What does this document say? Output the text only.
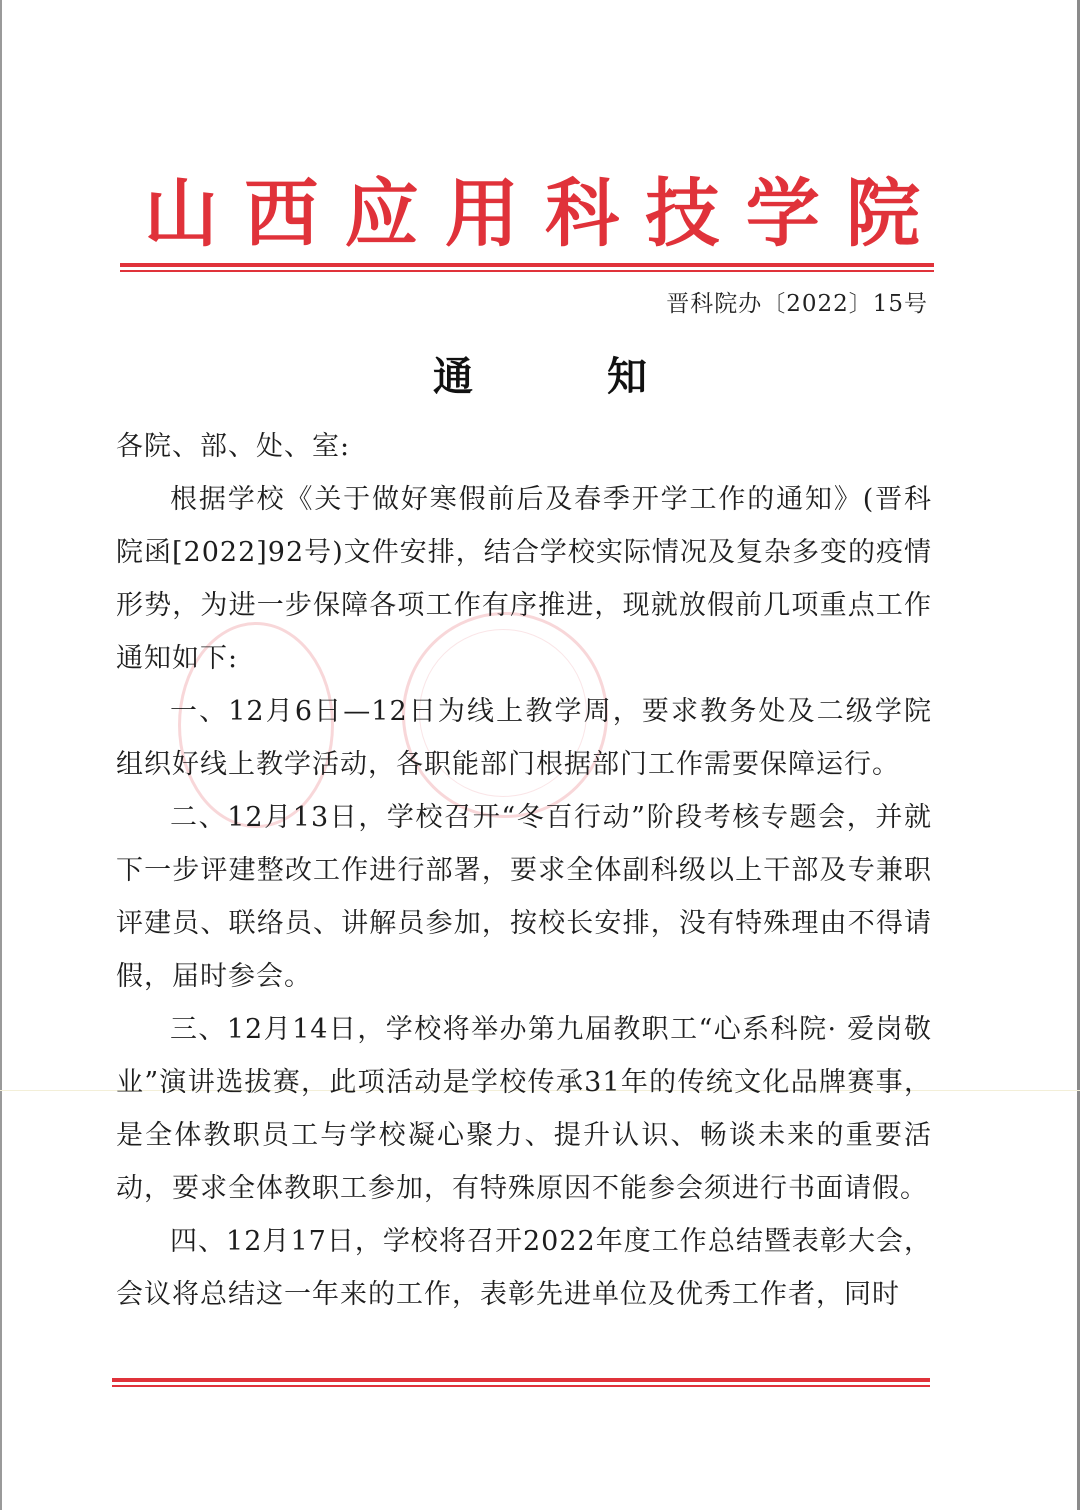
山 西 应 用 科 技 学 院
晋科院办〔2022〕15号
通 知

各院、部、处、室:

根据学校《关于做好寒假前后及春季开学工作的通知》(晋科院函[2022]92号)文件安排，结合学校实际情况及复杂多变的疫情形势，为进一步保障各项工作有序推进，现就放假前几项重点工作通知如下:

一、12月6日—12日为线上教学周，要求教务处及二级学院组织好线上教学活动，各职能部门根据部门工作需要保障运行。

二、12月13日，学校召开“冬百行动”阶段考核专题会，并就下一步评建整改工作进行部署，要求全体副科级以上干部及专兼职评建员、联络员、讲解员参加，按校长安排，没有特殊理由不得请假，届时参会。

三、12月14日，学校将举办第九届教职工“心系科院· 爱岗敬业”演讲选拔赛，此项活动是学校传承31年的传统文化品牌赛事，是全体教职员工与学校凝心聚力、提升认识、畅谈未来的重要活动，要求全体教职工参加，有特殊原因不能参会须进行书面请假。

四、12月17日，学校将召开2022年度工作总结暨表彰大会，会议将总结这一年来的工作，表彰先进单位及优秀工作者，同时
